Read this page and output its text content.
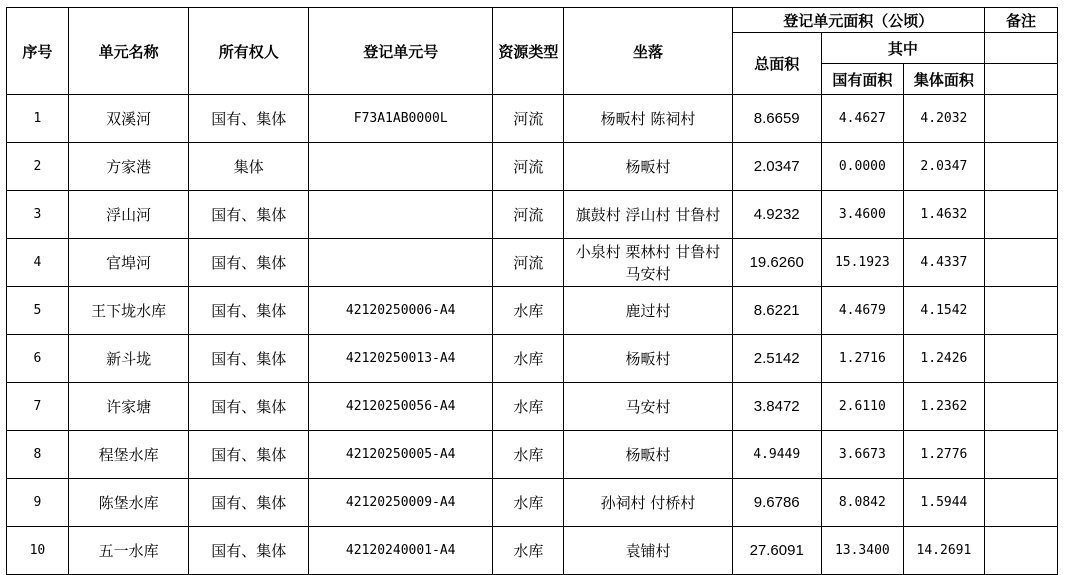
序号	单元名称	所有权人	登记单元号	资源类型	坐落	登记单元面积（公顷）			备注
						总面积	其中		
							国有面积	集体面积	
1	双溪河	国有、集体	F73A1AB0000L	河流	杨畈村 陈祠村	8.6659	4.4627	4.2032	
2	方家港	集体		河流	杨畈村	2.0347	0.0000	2.0347	
3	浮山河	国有、集体		河流	旗鼓村 浮山村 甘鲁村	4.9232	3.4600	1.4632	
4	官埠河	国有、集体		河流	小泉村 栗林村 甘鲁村 马安村	19.6260	15.1923	4.4337	
5	王下垅水库	国有、集体	42120250006-A4	水库	鹿过村	8.6221	4.4679	4.1542	
6	新斗垅	国有、集体	42120250013-A4	水库	杨畈村	2.5142	1.2716	1.2426	
7	许家塘	国有、集体	42120250056-A4	水库	马安村	3.8472	2.6110	1.2362	
8	程堡水库	国有、集体	42120250005-A4	水库	杨畈村	4.9449	3.6673	1.2776	
9	陈堡水库	国有、集体	42120250009-A4	水库	孙祠村 付桥村	9.6786	8.0842	1.5944	
10	五一水库	国有、集体	42120240001-A4	水库	袁铺村	27.6091	13.3400	14.2691	
